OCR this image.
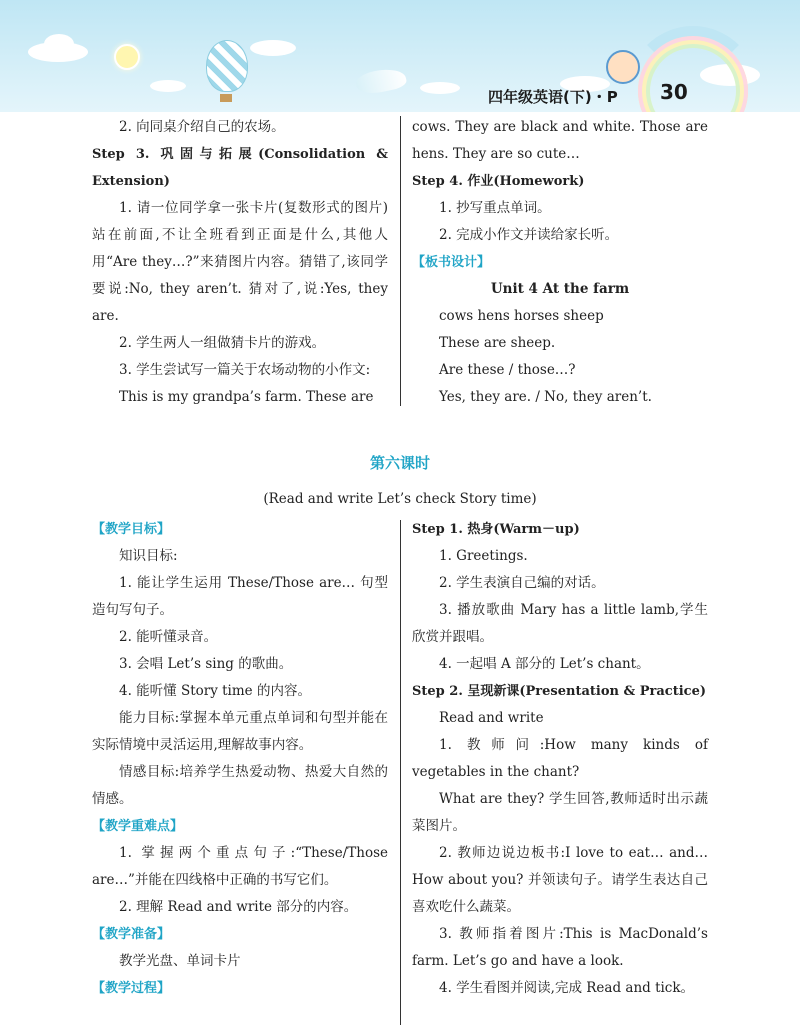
四年级英语(下)・P 30

2. 向同桌介绍自己的农场。

Step 3. 巩固与拓展(Consolidation & Extension)

1. 请一位同学拿一张卡片(复数形式的图片)站在前面,不让全班看到正面是什么,其他人用“Are they…?”来猜图片内容。猜错了,该同学要说:No, they aren’t. 猜对了,说:Yes, they are.

2. 学生两人一组做猜卡片的游戏。

3. 学生尝试写一篇关于农场动物的小作文:

This is my grandpa’s farm. These are

cows. They are black and white. Those are hens. They are so cute…

Step 4. 作业(Homework)

1. 抄写重点单词。

2. 完成小作文并读给家长听。

【板书设计】

Unit 4 At the farm

cows hens horses sheep

These are sheep.

Are these / those…?

Yes, they are. / No, they aren’t.

第六课时
(Read and write Let’s check Story time)

【教学目标】

知识目标:

1. 能让学生运用 These/Those are… 句型造句写句子。

2. 能听懂录音。

3. 会唱 Let’s sing 的歌曲。

4. 能听懂 Story time 的内容。

能力目标:掌握本单元重点单词和句型并能在实际情境中灵活运用,理解故事内容。

情感目标:培养学生热爱动物、热爱大自然的情感。

【教学重难点】

1. 掌握两个重点句子:“These/Those are…”并能在四线格中正确的书写它们。

2. 理解 Read and write 部分的内容。

【教学准备】

教学光盘、单词卡片

【教学过程】

Step 1. 热身(Warm－up)

1. Greetings.

2. 学生表演自己编的对话。

3. 播放歌曲 Mary has a little lamb,学生欣赏并跟唱。

4. 一起唱 A 部分的 Let’s chant。

Step 2. 呈现新课(Presentation & Practice)

Read and write

1. 教师问:How many kinds of vegetables in the chant?

What are they? 学生回答,教师适时出示蔬菜图片。

2. 教师边说边板书:I love to eat… and… How about you? 并领读句子。请学生表达自己喜欢吃什么蔬菜。

3. 教师指着图片:This is MacDonald’s farm. Let’s go and have a look.

4. 学生看图并阅读,完成 Read and tick。
